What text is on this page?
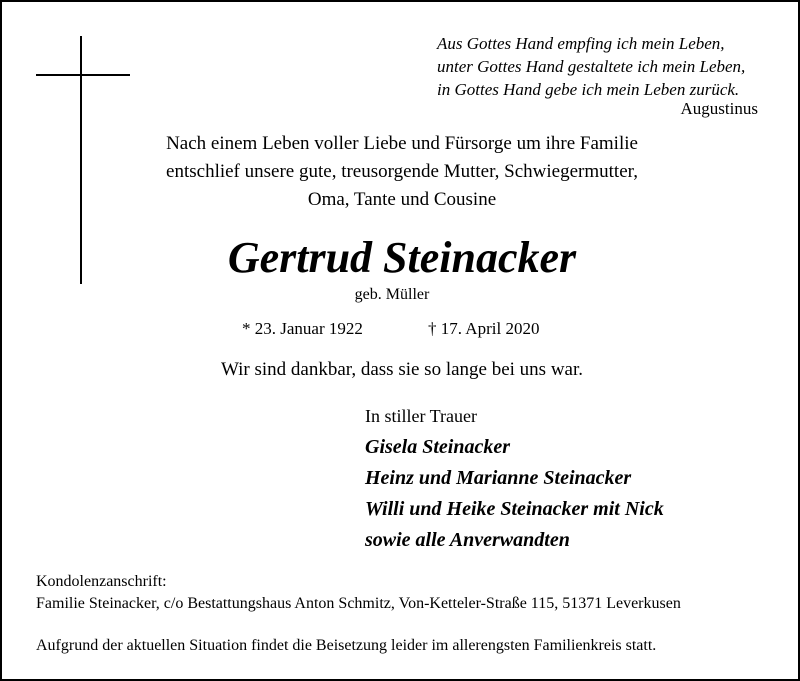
Aus Gottes Hand empfing ich mein Leben,
unter Gottes Hand gestaltete ich mein Leben,
in Gottes Hand gebe ich mein Leben zurück.
Augustinus
Nach einem Leben voller Liebe und Fürsorge um ihre Familie
entschlief unsere gute, treusorgende Mutter, Schwiegermutter,
Oma, Tante und Cousine
Gertrud Steinacker
geb. Müller
* 23. Januar 1922	† 17. April 2020
Wir sind dankbar, dass sie so lange bei uns war.
In stiller Trauer
Gisela Steinacker
Heinz und Marianne Steinacker
Willi und Heike Steinacker mit Nick
sowie alle Anverwandten
Kondolenzanschrift:
Familie Steinacker, c/o Bestattungshaus Anton Schmitz, Von-Ketteler-Straße 115, 51371 Leverkusen
Aufgrund der aktuellen Situation findet die Beisetzung leider im allerengsten Familienkreis statt.
